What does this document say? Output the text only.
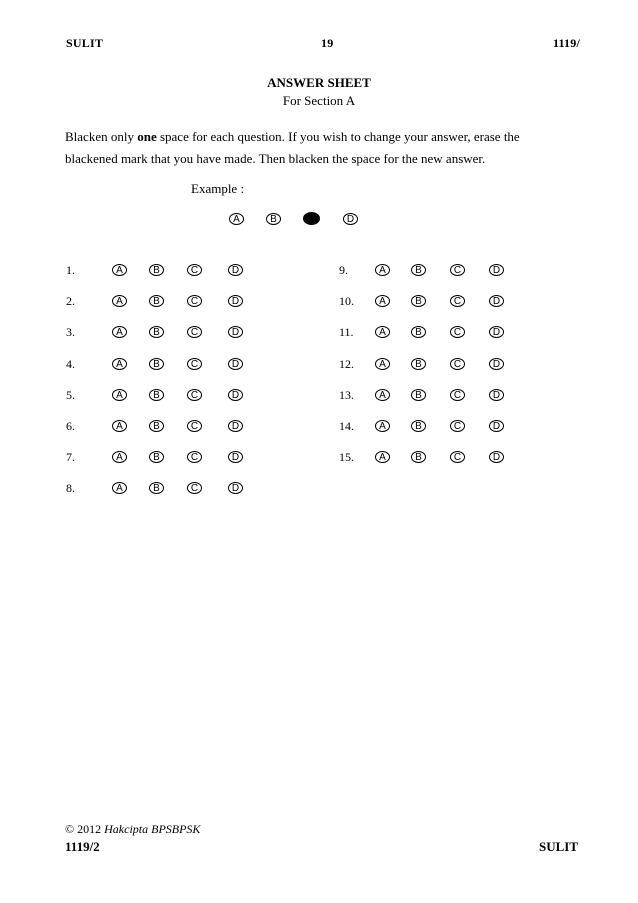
SULIT	19	1119/
ANSWER SHEET
For Section A
Blacken only one space for each question. If you wish to change your answer, erase the blackened mark that you have made. Then blacken the space for the new answer.
Example :
© 2012 Hakcipta BPSBPSK
1119/2	SULIT
A	B	D
1.	A	B	C	D
2.	A	B	C	D
3.	A	B	C	D
4.	A	B	C	D
5.	A	B	C	D
6.	A	B	C	D
7.	A	B	C	D
8.	A	B	C	D
9.	A	B	C	D
10.	A	B	C	D
11.	A	B	C	D
12.	A	B	C	D
13.	A	B	C	D
14.	A	B	C	D
15.	A	B	C	D
